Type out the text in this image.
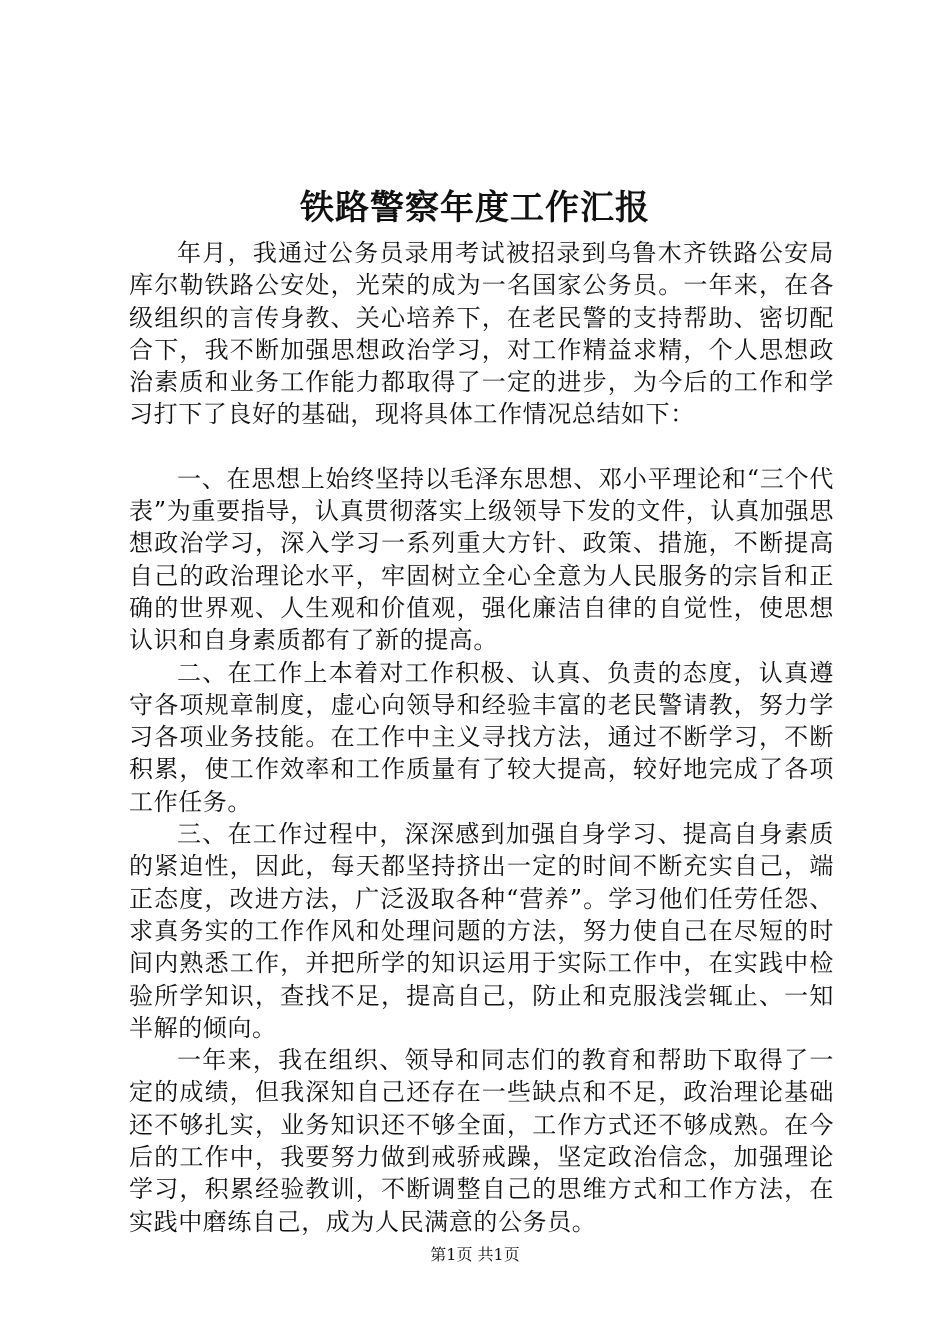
铁路警察年度工作汇报

年月，我通过公务员录用考试被招录到乌鲁木齐铁路公安局库尔勒铁路公安处，光荣的成为一名国家公务员。一年来，在各级组织的言传身教、关心培养下，在老民警的支持帮助、密切配合下，我不断加强思想政治学习，对工作精益求精，个人思想政治素质和业务工作能力都取得了一定的进步，为今后的工作和学习打下了良好的基础，现将具体工作情况总结如下：

一、在思想上始终坚持以毛泽东思想、邓小平理论和“三个代表”为重要指导，认真贯彻落实上级领导下发的文件，认真加强思想政治学习，深入学习一系列重大方针、政策、措施，不断提高自己的政治理论水平，牢固树立全心全意为人民服务的宗旨和正确的世界观、人生观和价值观，强化廉洁自律的自觉性，使思想认识和自身素质都有了新的提高。

二、在工作上本着对工作积极、认真、负责的态度，认真遵守各项规章制度，虚心向领导和经验丰富的老民警请教，努力学习各项业务技能。在工作中主义寻找方法，通过不断学习，不断积累，使工作效率和工作质量有了较大提高，较好地完成了各项工作任务。

三、在工作过程中，深深感到加强自身学习、提高自身素质的紧迫性，因此，每天都坚持挤出一定的时间不断充实自己，端正态度，改进方法，广泛汲取各种“营养”。学习他们任劳任怨、求真务实的工作作风和处理问题的方法，努力使自己在尽短的时间内熟悉工作，并把所学的知识运用于实际工作中，在实践中检验所学知识，查找不足，提高自己，防止和克服浅尝辄止、一知半解的倾向。

一年来，我在组织、领导和同志们的教育和帮助下取得了一定的成绩，但我深知自己还存在一些缺点和不足，政治理论基础还不够扎实，业务知识还不够全面，工作方式还不够成熟。在今后的工作中，我要努力做到戒骄戒躁，坚定政治信念，加强理论学习，积累经验教训，不断调整自己的思维方式和工作方法，在实践中磨练自己，成为人民满意的公务员。

第1页 共1页
